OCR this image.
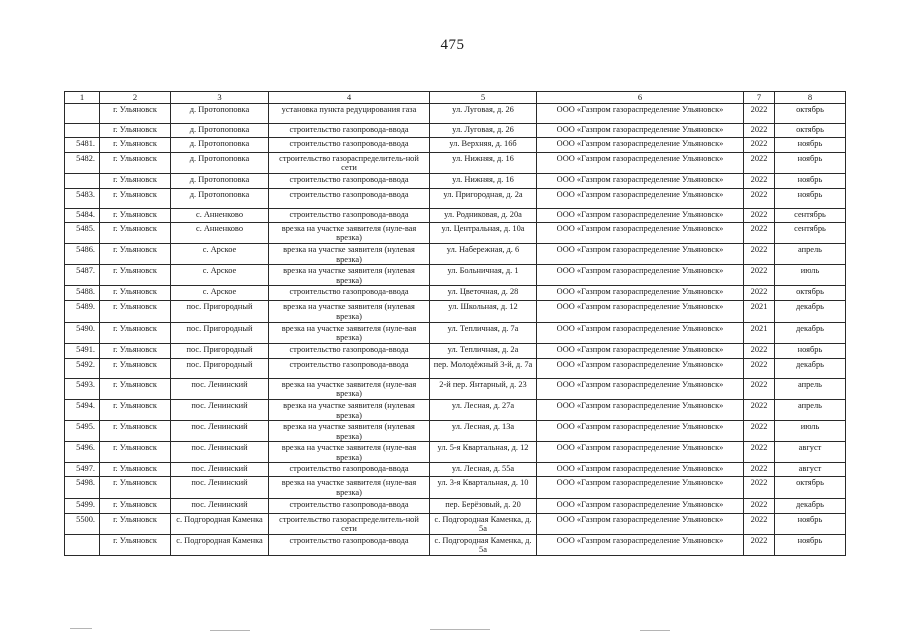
475
1	2	3	4	5	6	7	8
	г. Ульяновск	д. Протопоповка	установка пункта редуцирования газа	ул. Луговая, д. 26	ООО «Газпром газораспределение Ульяновск»	2022	октябрь
	г. Ульяновск	д. Протопоповка	строительство газопровода-ввода	ул. Луговая, д. 26	ООО «Газпром газораспределение Ульяновск»	2022	октябрь
5481.	г. Ульяновск	д. Протопоповка	строительство газопровода-ввода	ул. Верхняя, д. 16б	ООО «Газпром газораспределение Ульяновск»	2022	ноябрь
5482.	г. Ульяновск	д. Протопоповка	строительство газораспределитель-ной сети	ул. Нижняя, д. 16	ООО «Газпром газораспределение Ульяновск»	2022	ноябрь
	г. Ульяновск	д. Протопоповка	строительство газопровода-ввода	ул. Нижняя, д. 16	ООО «Газпром газораспределение Ульяновск»	2022	ноябрь
5483.	г. Ульяновск	д. Протопоповка	строительство газопровода-ввода	ул. Пригородная, д. 2а	ООО «Газпром газораспределение Ульяновск»	2022	ноябрь
5484.	г. Ульяновск	с. Анненково	строительство газопровода-ввода	ул. Родниковая, д. 20а	ООО «Газпром газораспределение Ульяновск»	2022	сентябрь
5485.	г. Ульяновск	с. Анненково	врезка на участке заявителя (нуле-вая врезка)	ул. Центральная, д. 10а	ООО «Газпром газораспределение Ульяновск»	2022	сентябрь
5486.	г. Ульяновск	с. Арское	врезка на участке заявителя (нулевая врезка)	ул. Набережная, д. 6	ООО «Газпром газораспределение Ульяновск»	2022	апрель
5487.	г. Ульяновск	с. Арское	врезка на участке заявителя (нулевая врезка)	ул. Больничная, д. 1	ООО «Газпром газораспределение Ульяновск»	2022	июль
5488.	г. Ульяновск	с. Арское	строительство газопровода-ввода	ул. Цветочная, д. 28	ООО «Газпром газораспределение Ульяновск»	2022	октябрь
5489.	г. Ульяновск	пос. Пригородный	врезка на участке заявителя (нулевая врезка)	ул. Школьная, д. 12	ООО «Газпром газораспределение Ульяновск»	2021	декабрь
5490.	г. Ульяновск	пос. Пригородный	врезка на участке заявителя (нуле-вая врезка)	ул. Тепличная, д. 7а	ООО «Газпром газораспределение Ульяновск»	2021	декабрь
5491.	г. Ульяновск	пос. Пригородный	строительство газопровода-ввода	ул. Тепличная, д. 2а	ООО «Газпром газораспределение Ульяновск»	2022	ноябрь
5492.	г. Ульяновск	пос. Пригородный	строительство газопровода-ввода	пер. Молодёжный 3-й, д. 7а	ООО «Газпром газораспределение Ульяновск»	2022	декабрь
5493.	г. Ульяновск	пос. Ленинский	врезка на участке заявителя (нуле-вая врезка)	2-й пер. Янтарный, д. 23	ООО «Газпром газораспределение Ульяновск»	2022	апрель
5494.	г. Ульяновск	пос. Ленинский	врезка на участке заявителя (нулевая врезка)	ул. Лесная, д. 27а	ООО «Газпром газораспределение Ульяновск»	2022	апрель
5495.	г. Ульяновск	пос. Ленинский	врезка на участке заявителя (нулевая врезка)	ул. Лесная, д. 13а	ООО «Газпром газораспределение Ульяновск»	2022	июль
5496.	г. Ульяновск	пос. Ленинский	врезка на участке заявителя (нуле-вая врезка)	ул. 5-я Квартальная, д. 12	ООО «Газпром газораспределение Ульяновск»	2022	август
5497.	г. Ульяновск	пос. Ленинский	строительство газопровода-ввода	ул. Лесная, д. 55а	ООО «Газпром газораспределение Ульяновск»	2022	август
5498.	г. Ульяновск	пос. Ленинский	врезка на участке заявителя (нуле-вая врезка)	ул. 3-я Квартальная, д. 10	ООО «Газпром газораспределение Ульяновск»	2022	октябрь
5499.	г. Ульяновск	пос. Ленинский	строительство газопровода-ввода	пер. Берёзовый, д. 20	ООО «Газпром газораспределение Ульяновск»	2022	декабрь
5500.	г. Ульяновск	с. Подгородная Каменка	строительство газораспределитель-ной сети	с. Подгородная Каменка, д. 5а	ООО «Газпром газораспределение Ульяновск»	2022	ноябрь
	г. Ульяновск	с. Подгородная Каменка	строительство газопровода-ввода	с. Подгородная Каменка, д. 5а	ООО «Газпром газораспределение Ульяновск»	2022	ноябрь
